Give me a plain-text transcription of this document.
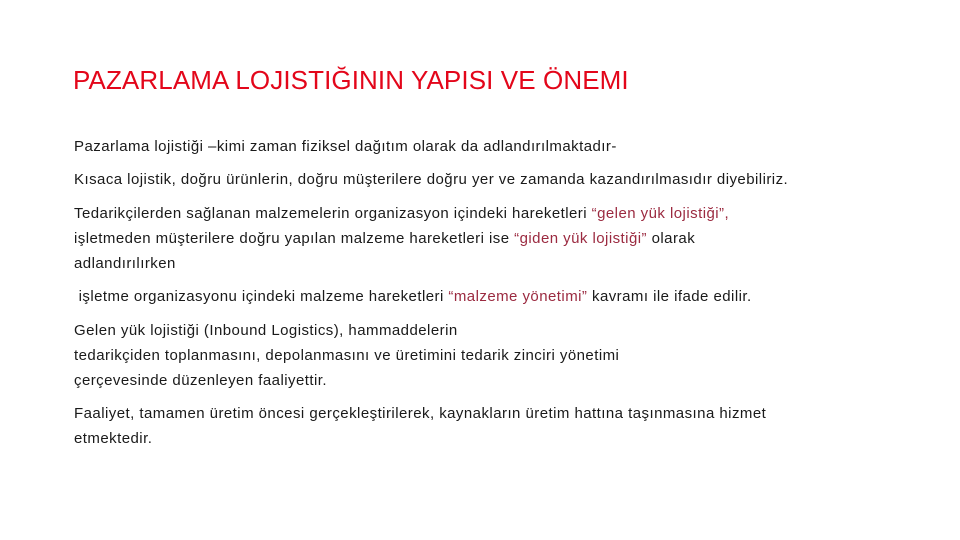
PAZARLAMA LOJISTIĞININ YAPISI VE ÖNEMI

Pazarlama lojistiği –kimi zaman fiziksel dağıtım olarak da adlandırılmaktadır-

Kısaca lojistik, doğru ürünlerin, doğru müşterilere doğru yer ve zamanda kazandırılmasıdır diyebiliriz.

Tedarikçilerden sağlanan malzemelerin organizasyon içindeki hareketleri “gelen yük lojistiği”,
işletmeden müşterilere doğru yapılan malzeme hareketleri ise “giden yük lojistiği” olarak
adlandırılırken

işletme organizasyonu içindeki malzeme hareketleri “malzeme yönetimi” kavramı ile ifade edilir.

Gelen yük lojistiği (Inbound Logistics), hammaddelerin
tedarikçiden toplanmasını, depolanmasını ve üretimini tedarik zinciri yönetimi
çerçevesinde düzenleyen faaliyettir.

Faaliyet, tamamen üretim öncesi gerçekleştirilerek, kaynakların üretim hattına taşınmasına hizmet
etmektedir.
